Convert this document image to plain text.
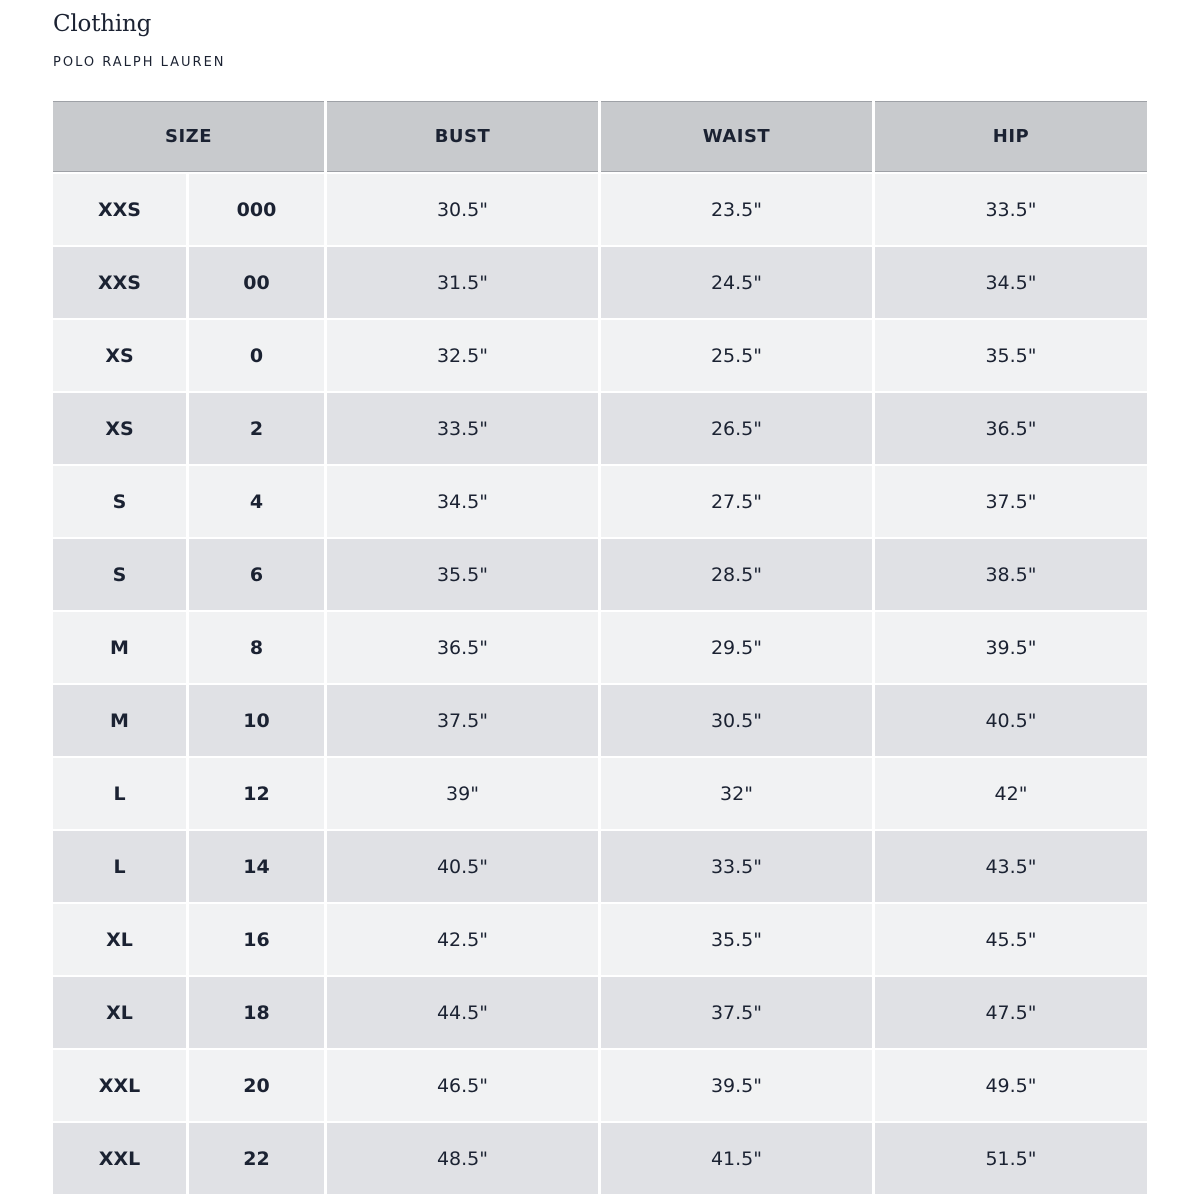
Clothing
POLO RALPH LAUREN
SIZE	BUST	WAIST	HIP
XXS	000	30.5"	23.5"	33.5"
XXS	00	31.5"	24.5"	34.5"
XS	0	32.5"	25.5"	35.5"
XS	2	33.5"	26.5"	36.5"
S	4	34.5"	27.5"	37.5"
S	6	35.5"	28.5"	38.5"
M	8	36.5"	29.5"	39.5"
M	10	37.5"	30.5"	40.5"
L	12	39"	32"	42"
L	14	40.5"	33.5"	43.5"
XL	16	42.5"	35.5"	45.5"
XL	18	44.5"	37.5"	47.5"
XXL	20	46.5"	39.5"	49.5"
XXL	22	48.5"	41.5"	51.5"
